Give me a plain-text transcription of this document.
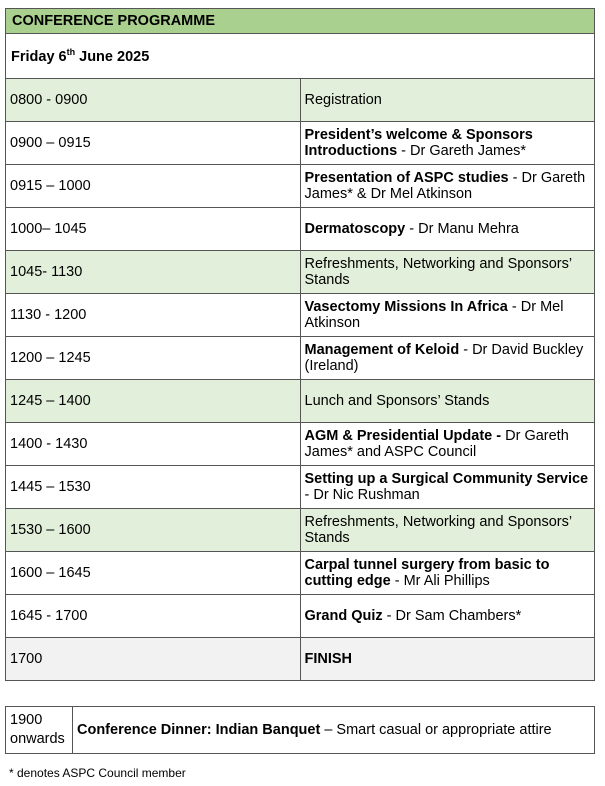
CONFERENCE PROGRAMME	
Friday 6th June 2025	
0800 - 0900	Registration
0900 – 0915	President’s welcome & Sponsors Introductions - Dr Gareth James*
0915 – 1000	Presentation of ASPC studies - Dr Gareth James* & Dr Mel Atkinson
1000– 1045	Dermatoscopy - Dr Manu Mehra
1045- 1130	Refreshments, Networking and Sponsors’ Stands
1130 - 1200	Vasectomy Missions In Africa - Dr Mel Atkinson
1200 – 1245	Management of Keloid - Dr David Buckley (Ireland)
1245 – 1400	Lunch and Sponsors’ Stands
1400 - 1430	AGM & Presidential Update - Dr Gareth James* and ASPC Council
1445 – 1530	Setting up a Surgical Community Service - Dr Nic Rushman
1530 – 1600	Refreshments, Networking and Sponsors’ Stands
1600 – 1645	Carpal tunnel surgery from basic to cutting edge - Mr Ali Phillips
1645 - 1700	Grand Quiz - Dr Sam Chambers*
1700	FINISH
1900 onwards	Conference Dinner: Indian Banquet – Smart casual or appropriate attire
* denotes ASPC Council member
